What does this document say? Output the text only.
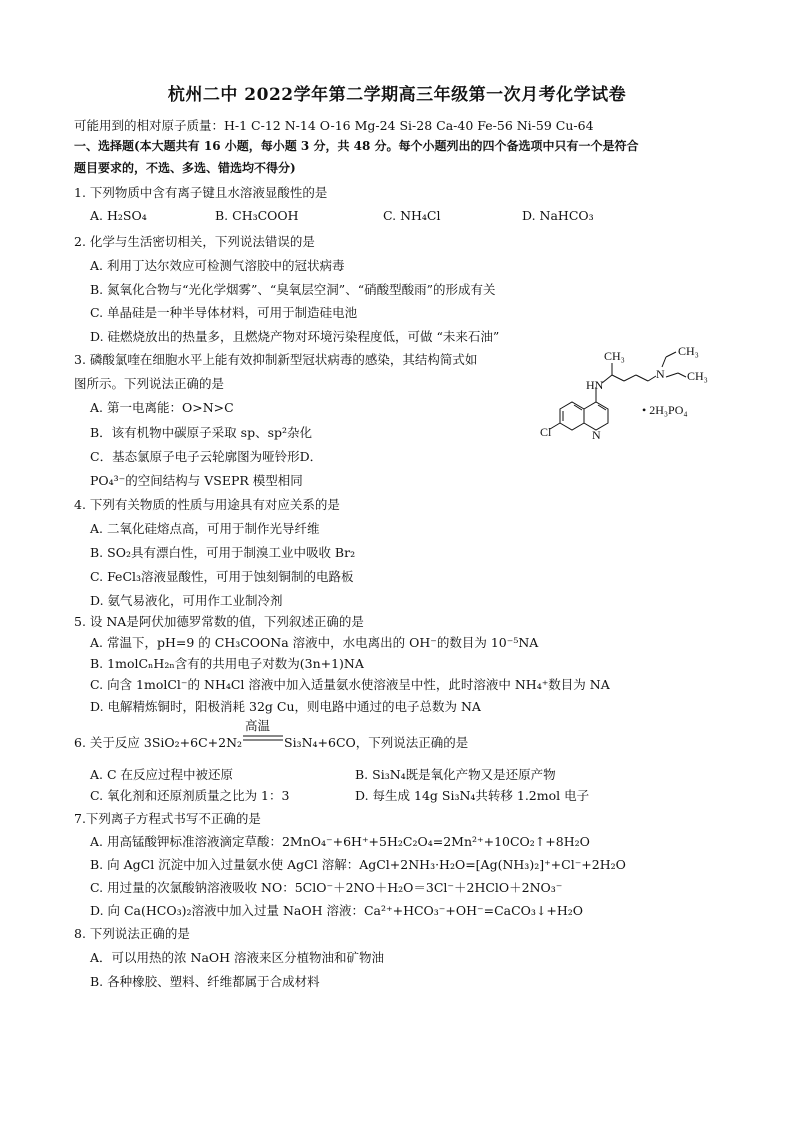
杭州二中 2022学年第二学期高三年级第一次月考化学试卷
可能用到的相对原子质量：H-1 C-12 N-14 O-16 Mg-24 Si-28 Ca-40 Fe-56 Ni-59 Cu-64
一、选择题(本大题共有 16 小题，每小题 3 分，共 48 分。每个小题列出的四个备选项中只有一个是符合
题目要求的，不选、多选、错选均不得分)
1. 下列物质中含有离子键且水溶液显酸性的是
A. H₂SO₄	B. CH₃COOH	C. NH₄Cl	D. NaHCO₃
2. 化学与生活密切相关，下列说法错误的是
A. 利用丁达尔效应可检测气溶胶中的冠状病毒
B. 氮氧化合物与“光化学烟雾”、“臭氧层空洞”、“硝酸型酸雨”的形成有关
C. 单晶硅是一种半导体材料，可用于制造硅电池
D. 硅燃烧放出的热量多，且燃烧产物对环境污染程度低，可做 “未来石油”
3. 磷酸氯喹在细胞水平上能有效抑制新型冠状病毒的感染，其结构简式如
图所示。下列说法正确的是
A. 第一电离能：O>N>C
B．该有机物中碳原子采取 sp、sp²杂化
C．基态氯原子电子云轮廓图为哑铃形D．
PO₄³⁻的空间结构与 VSEPR 模型相同
CH₃	CH₃
CH₃
N
HN
Cl	N
• 2H₃PO₄
4. 下列有关物质的性质与用途具有对应关系的是
A. 二氧化硅熔点高，可用于制作光导纤维
B. SO₂具有漂白性，可用于制溴工业中吸收 Br₂
C. FeCl₃溶液显酸性，可用于蚀刻铜制的电路板
D. 氨气易液化，可用作工业制冷剂
5. 设 NA是阿伏加德罗常数的值，下列叙述正确的是
A. 常温下，pH=9 的 CH₃COONa 溶液中，水电离出的 OH⁻的数目为 10⁻⁵NA
B. 1molCₙH₂ₙ含有的共用电子对数为(3n+1)NA
C. 向含 1molCl⁻的 NH₄Cl 溶液中加入适量氨水使溶液呈中性，此时溶液中 NH₄⁺数目为 NA
D. 电解精炼铜时，阳极消耗 32g Cu，则电路中通过的电子总数为 NA
高温
6. 关于反应 3SiO₂+6C+2N₂	Si₃N₄+6CO，下列说法正确的是
A. C 在反应过程中被还原	B. Si₃N₄既是氧化产物又是还原产物
C. 氧化剂和还原剂质量之比为 1：3	D. 每生成 14g Si₃N₄共转移 1.2mol 电子
7.下列离子方程式书写不正确的是
A. 用高锰酸钾标准溶液滴定草酸：2MnO₄⁻+6H⁺+5H₂C₂O₄=2Mn²⁺+10CO₂↑+8H₂O
B. 向 AgCl 沉淀中加入过量氨水使 AgCl 溶解：AgCl+2NH₃·H₂O=[Ag(NH₃)₂]⁺+Cl⁻+2H₂O
C. 用过量的次氯酸钠溶液吸收 NO：5ClO⁻＋2NO＋H₂O＝3Cl⁻＋2HClO＋2NO₃⁻
D. 向 Ca(HCO₃)₂溶液中加入过量 NaOH 溶液：Ca²⁺+HCO₃⁻+OH⁻=CaCO₃↓+H₂O
8. 下列说法正确的是
A．可以用热的浓 NaOH 溶液来区分植物油和矿物油
B. 各种橡胶、塑料、纤维都属于合成材料
